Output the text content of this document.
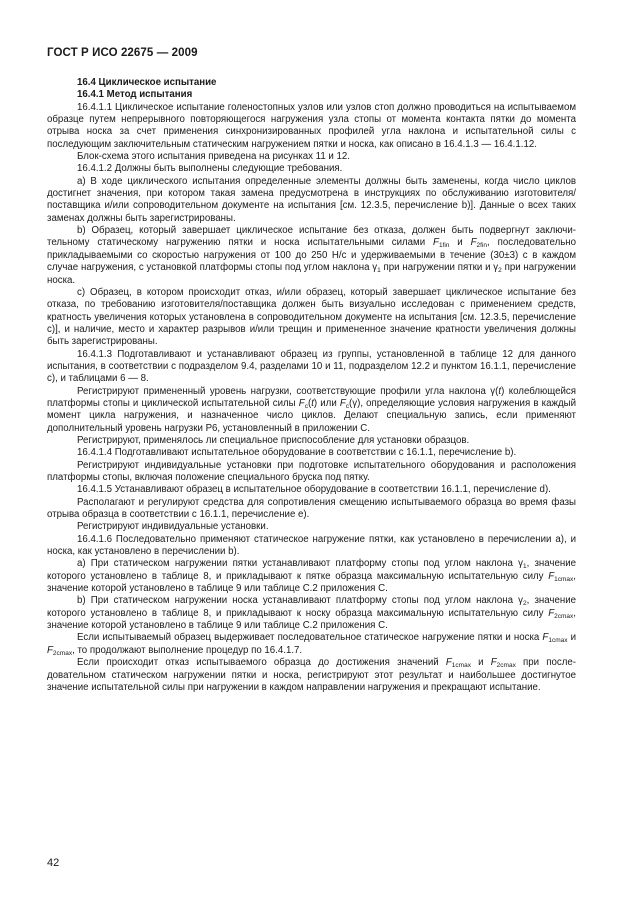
ГОСТ Р ИСО 22675 — 2009

16.4 Циклическое испытание

16.4.1 Метод испытания

16.4.1.1 Циклическое испытание голеностопных узлов или узлов стоп должно проводиться на испытываемом образце путем непрерывного повторяющегося нагружения узла стопы от момента контакта пятки до момента отрыва носка за счет применения синхронизированных профилей угла наклона и испытательной силы с последующим заключительным статическим нагружением пятки и носка, как описано в 16.4.1.3 — 16.4.1.12.

Блок-схема этого испытания приведена на рисунках 11 и 12.

16.4.1.2 Должны быть выполнены следующие требования.

а) В ходе циклического испытания определенные элементы должны быть заменены, когда число циклов достигнет значения, при котором такая замена предусмотрена в инструкциях по обслуживанию изготовителя/поставщика и/или сопроводительном документе на испытания [см. 12.3.5, перечисление b)]. Данные о всех таких заменах должны быть зарегистрированы.

b) Образец, который завершает циклическое испытание без отказа, должен быть подвергнут заключительному статическому нагружению пятки и носка испытательными силами $F_{1fin}$ и $F_{2fin}$, последовательно прикладываемыми со скоростью нагружения от 100 до 250 Н/с и удерживаемыми в течение (30±3) с в каждом случае нагружения, с установкой платформы стопы под углом наклона $\gamma_1$ при нагружении пятки и $\gamma_2$ при нагружении носка.

с) Образец, в котором происходит отказ, и/или образец, который завершает циклическое испытание без отказа, по требованию изготовителя/поставщика должен быть визуально исследован с применением средств, кратность увеличения которых установлена в сопроводительном документе на испытания [см. 12.3.5, перечисление с)], и наличие, место и характер разрывов и/или трещин и примененное значение кратности увеличения должны быть зарегистрированы.

16.4.1.3 Подготавливают и устанавливают образец из группы, установленной в таблице 12 для данного испытания, в соответствии с подразделом 9.4, разделами 10 и 11, подразделом 12.2 и пунктом 16.1.1, перечисление с), и таблицами 6 — 8.

Регистрируют примененный уровень нагрузки, соответствующие профили угла наклона γ(t) колеблющейся платформы стопы и циклической испытательной силы $F_c(t)$ или $F_c(\gamma)$, определяющие условия нагружения в каждый момент цикла нагружения, и назначенное число циклов. Делают специальную запись, если применяют дополнительный уровень нагрузки Р6, установленный в приложении С.

Регистрируют, применялось ли специальное приспособление для установки образцов.

16.4.1.4 Подготавливают испытательное оборудование в соответствии с 16.1.1, перечисление b).

Регистрируют индивидуальные установки при подготовке испытательного оборудования и расположения платформы стопы, включая положение специального бруска под пятку.

16.4.1.5 Устанавливают образец в испытательное оборудование в соответствии 16.1.1, перечисление d).

Располагают и регулируют средства для сопротивления смещению испытываемого образца во время фазы отрыва образца в соответствии с 16.1.1, перечисление е).

Регистрируют индивидуальные установки.

16.4.1.6 Последовательно применяют статическое нагружение пятки, как установлено в перечислении а), и носка, как установлено в перечислении b).

а) При статическом нагружении пятки устанавливают платформу стопы под углом наклона $\gamma_1$, значение которого установлено в таблице 8, и прикладывают к пятке образца максимальную испытательную силу $F_{1cmax}$, значение которой установлено в таблице 9 или таблице С.2 приложения С.

b) При статическом нагружении носка устанавливают платформу стопы под углом наклона $\gamma_2$, значение которого установлено в таблице 8, и прикладывают к носку образца максимальную испытательную силу $F_{2cmax}$, значение которой установлено в таблице 9 или таблице С.2 приложения С.

Если испытываемый образец выдерживает последовательное статическое нагружение пятки и носка $F_{1cmax}$ и $F_{2cmax}$, то продолжают выполнение процедур по 16.4.1.7.

Если происходит отказ испытываемого образца до достижения значений $F_{1cmax}$ и $F_{2cmax}$ при последовательном статическом нагружении пятки и носка, регистрируют этот результат и наибольшее достигнутое значение испытательной силы при нагружении в каждом направлении нагружения и прекращают испытание.

42
